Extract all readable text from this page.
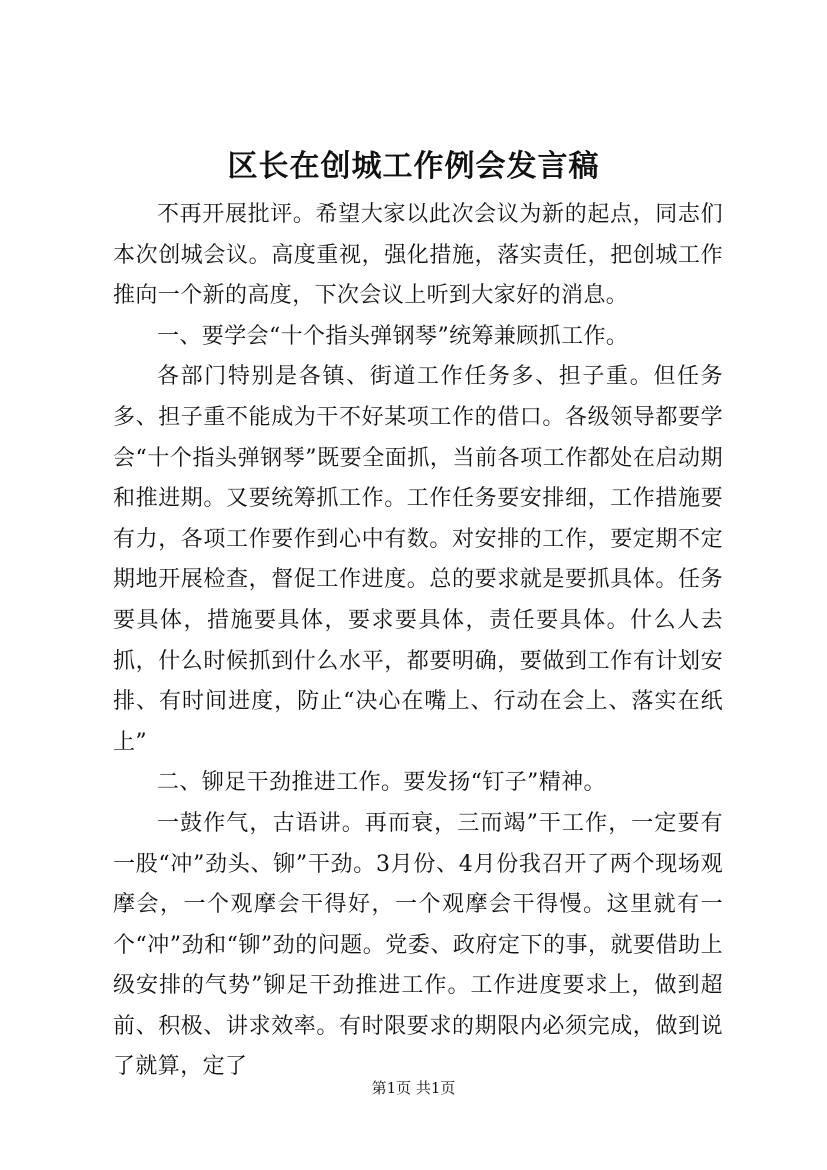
区长在创城工作例会发言稿

不再开展批评。希望大家以此次会议为新的起点，同志们本次创城会议。高度重视，强化措施，落实责任，把创城工作推向一个新的高度，下次会议上听到大家好的消息。

一、要学会“十个指头弹钢琴”统筹兼顾抓工作。

各部门特别是各镇、街道工作任务多、担子重。但任务多、担子重不能成为干不好某项工作的借口。各级领导都要学会“十个指头弹钢琴”既要全面抓，当前各项工作都处在启动期和推进期。又要统筹抓工作。工作任务要安排细，工作措施要有力，各项工作要作到心中有数。对安排的工作，要定期不定期地开展检查，督促工作进度。总的要求就是要抓具体。任务要具体，措施要具体，要求要具体，责任要具体。什么人去抓，什么时候抓到什么水平，都要明确，要做到工作有计划安排、有时间进度，防止“决心在嘴上、行动在会上、落实在纸上”

二、铆足干劲推进工作。要发扬“钉子”精神。

一鼓作气，古语讲。再而衰，三而竭”干工作，一定要有一股“冲”劲头、铆”干劲。3月份、4月份我召开了两个现场观摩会，一个观摩会干得好，一个观摩会干得慢。这里就有一个“冲”劲和“铆”劲的问题。党委、政府定下的事，就要借助上级安排的气势”铆足干劲推进工作。工作进度要求上，做到超前、积极、讲求效率。有时限要求的期限内必须完成，做到说了就算，定了

第1页 共1页
